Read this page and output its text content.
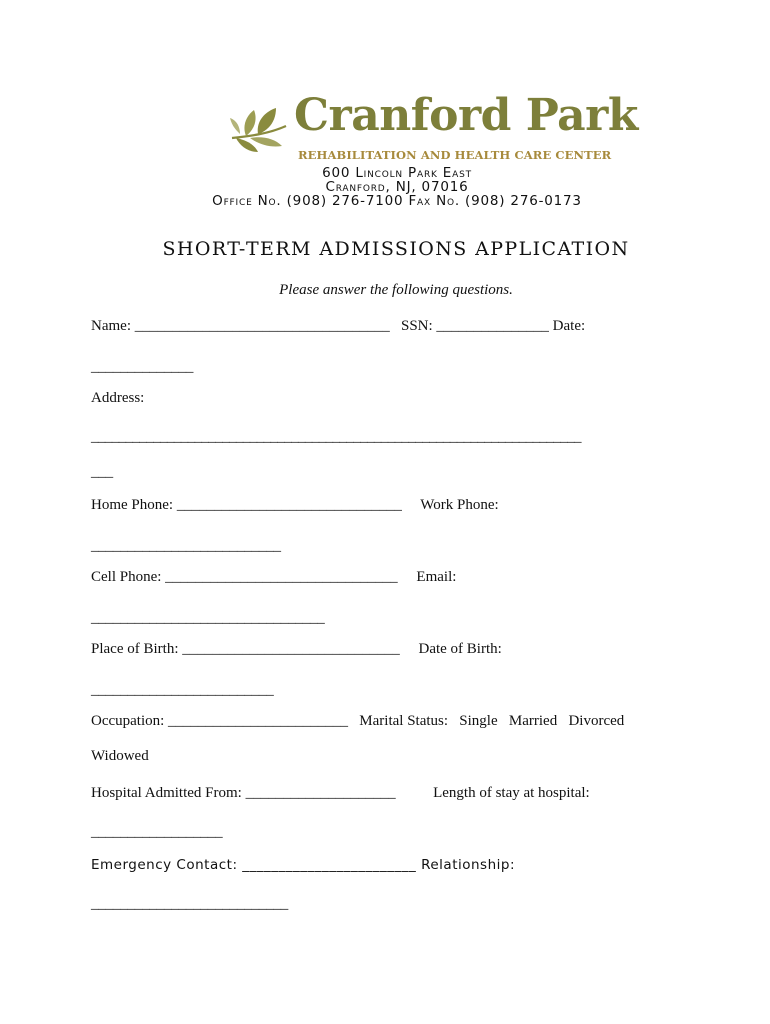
Cranford Park
REHABILITATION AND HEALTH CARE CENTER
600 Lincoln Park East
Cranford, NJ, 07016
Office No. (908) 276-7100 Fax No. (908) 276-0173
SHORT-TERM ADMISSIONS APPLICATION
Please answer the following questions.
Name: __________________________________   SSN: _______________ Date:
______________
Address:
_______________________________________________________________________
___
Home Phone: ______________________________     Work Phone:
__________________________
Cell Phone: _______________________________     Email:
________________________________
Place of Birth: _____________________________     Date of Birth:
_________________________
Occupation: ________________________   Marital Status:   Single   Married   Divorced
Widowed
Hospital Admitted From: ____________________          Length of stay at hospital:
__________________
Emergency Contact: ________________________ Relationship:
___________________________
